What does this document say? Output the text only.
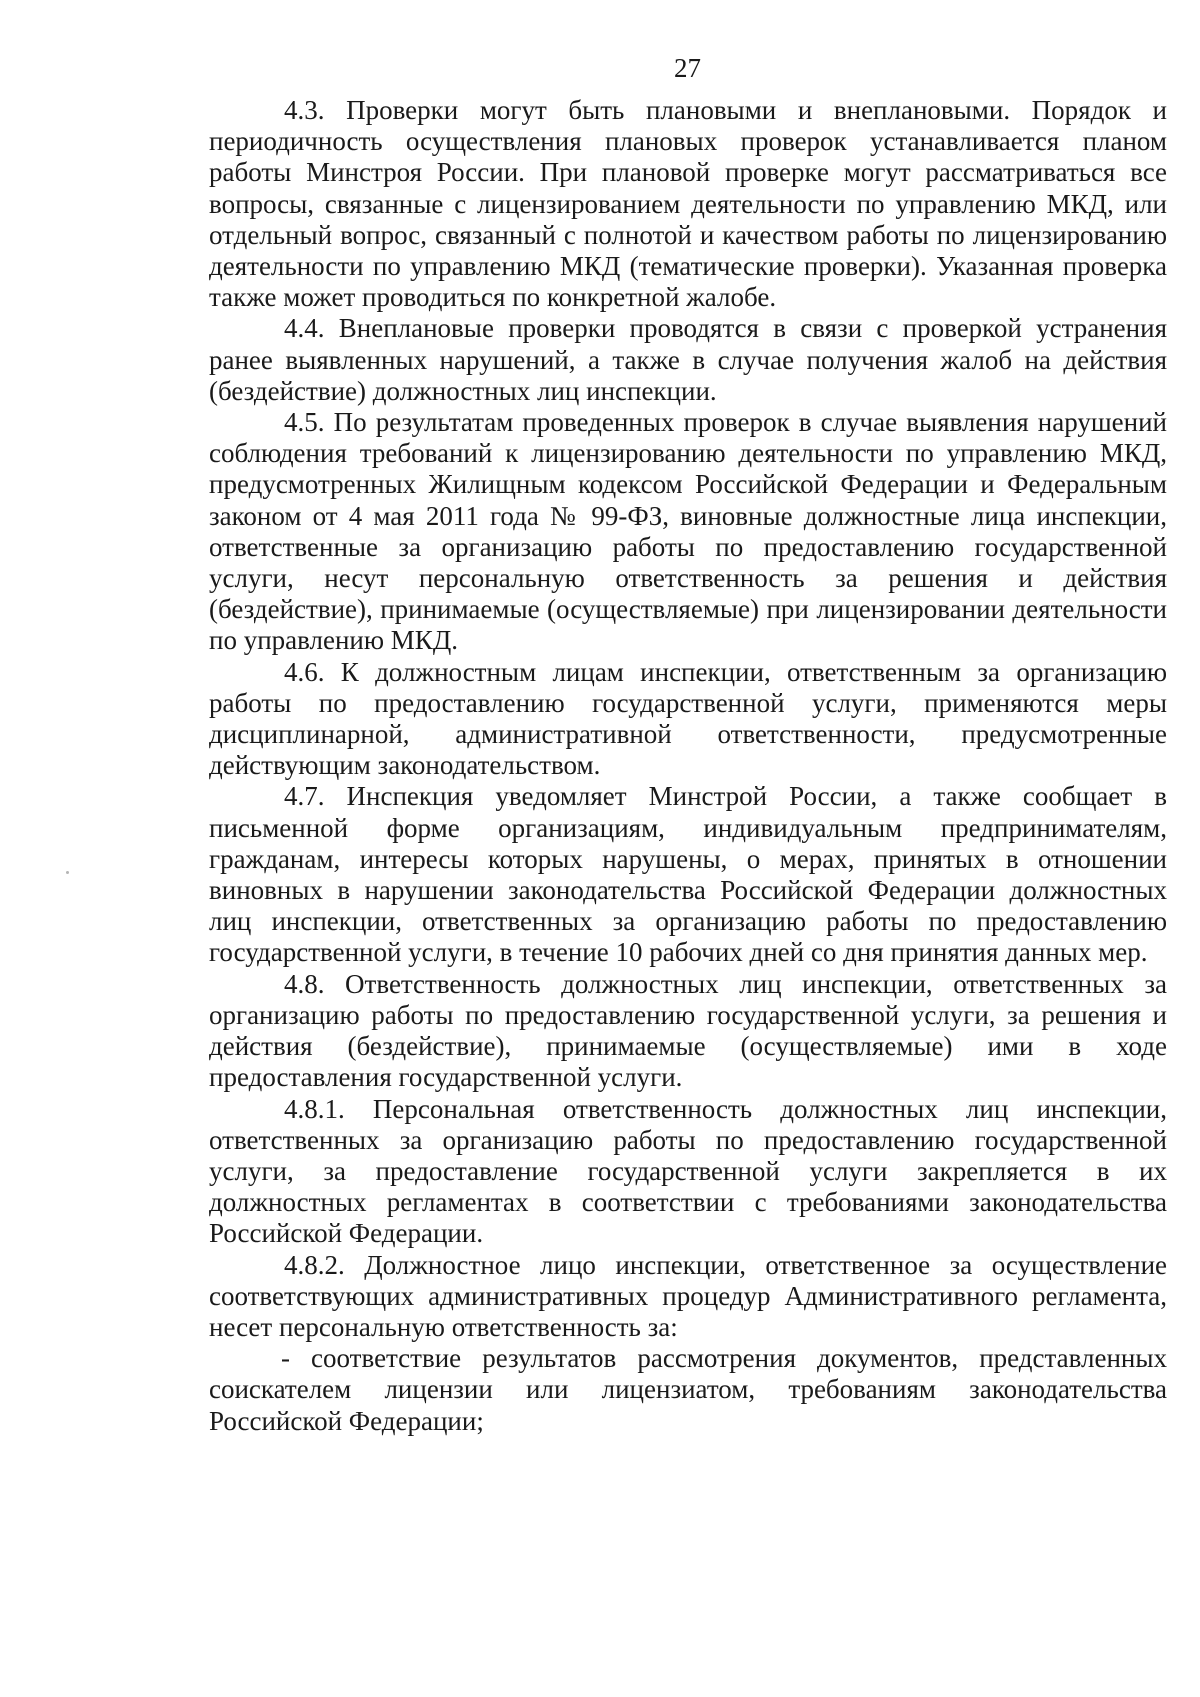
27

4.3. Проверки могут быть плановыми и внеплановыми. Порядок и периодичность осуществления плановых проверок устанавливается планом работы Минстроя России. При плановой проверке могут рассматриваться все вопросы, связанные с лицензированием деятельности по управлению МКД, или отдельный вопрос, связанный с полнотой и качеством работы по лицензированию деятельности по управлению МКД (тематические проверки). Указанная проверка также может проводиться по конкретной жалобе.

4.4. Внеплановые проверки проводятся в связи с проверкой устранения ранее выявленных нарушений, а также в случае получения жалоб на действия (бездействие) должностных лиц инспекции.

4.5. По результатам проведенных проверок в случае выявления нарушений соблюдения требований к лицензированию деятельности по управлению МКД, предусмотренных Жилищным кодексом Российской Федерации и Федеральным законом от 4 мая 2011 года № 99-ФЗ, виновные должностные лица инспекции, ответственные за организацию работы по предоставлению государственной услуги, несут персональную ответственность за решения и действия (бездействие), принимаемые (осуществляемые) при лицензировании деятельности по управлению МКД.

4.6. К должностным лицам инспекции, ответственным за организацию работы по предоставлению государственной услуги, применяются меры дисциплинарной, административной ответственности, предусмотренные действующим законодательством.

4.7. Инспекция уведомляет Минстрой России, а также сообщает в письменной форме организациям, индивидуальным предпринимателям, гражданам, интересы которых нарушены, о мерах, принятых в отношении виновных в нарушении законодательства Российской Федерации должностных лиц инспекции, ответственных за организацию работы по предоставлению государственной услуги, в течение 10 рабочих дней со дня принятия данных мер.

4.8. Ответственность должностных лиц инспекции, ответственных за организацию работы по предоставлению государственной услуги, за решения и действия (бездействие), принимаемые (осуществляемые) ими в ходе предоставления государственной услуги.

4.8.1. Персональная ответственность должностных лиц инспекции, ответственных за организацию работы по предоставлению государственной услуги, за предоставление государственной услуги закрепляется в их должностных регламентах в соответствии с требованиями законодательства Российской Федерации.

4.8.2. Должностное лицо инспекции, ответственное за осуществление соответствующих административных процедур Административного регламента, несет персональную ответственность за:

- соответствие результатов рассмотрения документов, представленных соискателем лицензии или лицензиатом, требованиям законодательства Российской Федерации;
